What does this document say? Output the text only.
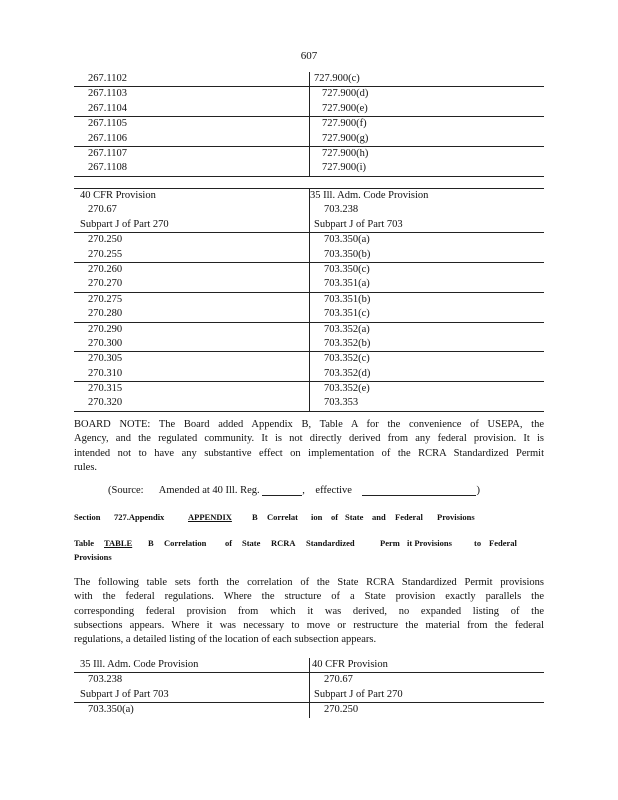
607
267.1102	727.900(c)
267.1103	727.900(d)
267.1104	727.900(e)
267.1105	727.900(f)
267.1106	727.900(g)
267.1107	727.900(h)
267.1108	727.900(i)
40 CFR Provision	35 Ill. Adm. Code Provision
270.67	703.238
Subpart J of Part 270	Subpart J of Part 703
270.250	703.350(a)
270.255	703.350(b)
270.260	703.350(c)
270.270	703.351(a)
270.275	703.351(b)
270.280	703.351(c)
270.290	703.352(a)
270.300	703.352(b)
270.305	703.352(c)
270.310	703.352(d)
270.315	703.352(e)
270.320	703.353
BOARD NOTE: The Board added Appendix B, Table A for the convenience of USEPA, the
Agency, and the regulated community. It is not directly derived from any federal provision. It is
intended not to have any substantive effect on implementation of the RCRA Standardized Permit
rules.
(Source: Amended at 40 Ill. Reg.	,    effective	)
Section 727.Appendix	APPENDIX	B Correlat ion of State and Federal Provisions
Table TABLE	B Correlation of State RCRA Standardized	Perm it Provisions	to Federal
Provisions
The following table sets forth the correlation of the State RCRA Standardized Permit provisions
with the federal regulations. Where the structure of a State provision exactly parallels the
corresponding federal provision from which it was derived, no expanded listing of the
subsections appears. Where it was necessary to move or restructure the material from the federal
regulations, a detailed listing of the location of each subsection appears.
35 Ill. Adm. Code Provision	40 CFR Provision
703.238	270.67
Subpart J of Part 703	Subpart J of Part 270
703.350(a)	270.250
